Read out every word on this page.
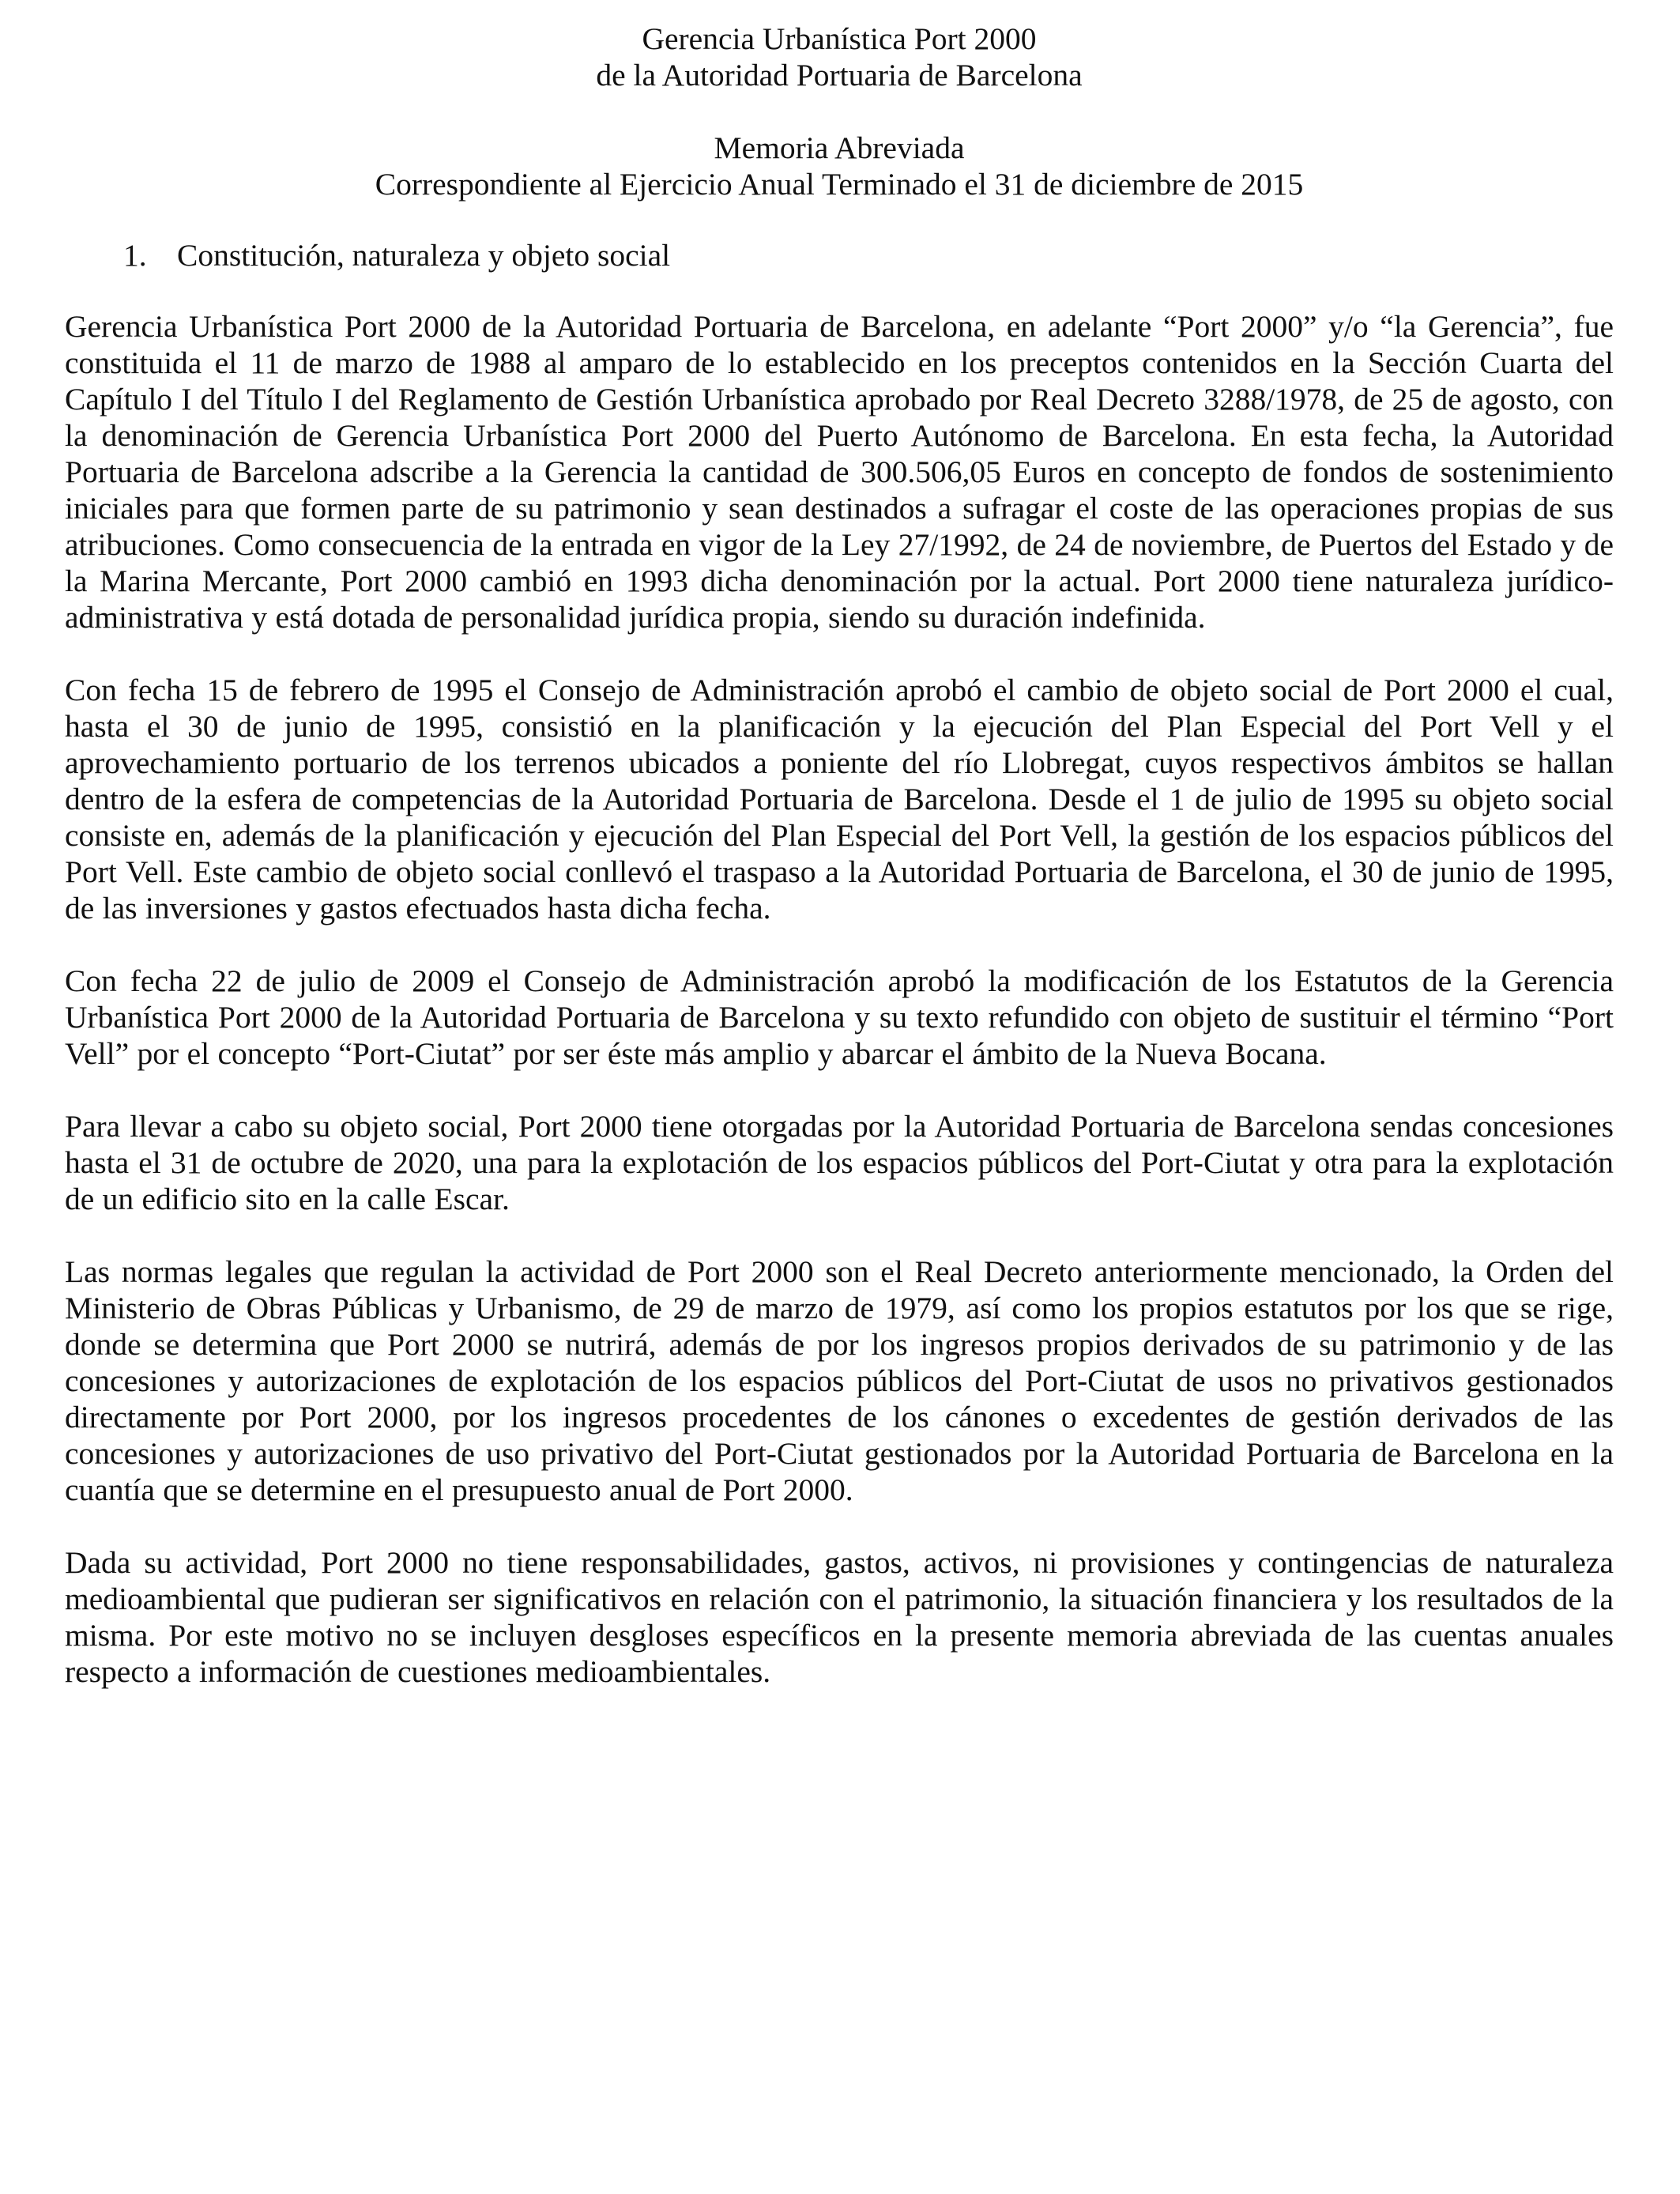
Gerencia Urbanística Port 2000

de la Autoridad Portuaria de Barcelona

Memoria Abreviada

Correspondiente al Ejercicio Anual Terminado el 31 de diciembre de 2015

1. Constitución, naturaleza y objeto social

Gerencia Urbanística Port 2000 de la Autoridad Portuaria de Barcelona, en adelante “Port 2000” y/o “la Gerencia”, fue constituida el 11 de marzo de 1988 al amparo de lo establecido en los preceptos contenidos en la Sección Cuarta del Capítulo I del Título I del Reglamento de Gestión Urbanística aprobado por Real Decreto 3288/1978, de 25 de agosto, con la denominación de Gerencia Urbanística Port 2000 del Puerto Autónomo de Barcelona. En esta fecha, la Autoridad Portuaria de Barcelona adscribe a la Gerencia la cantidad de 300.506,05 Euros en concepto de fondos de sostenimiento iniciales para que formen parte de su patrimonio y sean destinados a sufragar el coste de las operaciones propias de sus atribuciones. Como consecuencia de la entrada en vigor de la Ley 27/1992, de 24 de noviembre, de Puertos del Estado y de la Marina Mercante, Port 2000 cambió en 1993 dicha denominación por la actual. Port 2000 tiene naturaleza jurídico-administrativa y está dotada de personalidad jurídica propia, siendo su duración indefinida.

Con fecha 15 de febrero de 1995 el Consejo de Administración aprobó el cambio de objeto social de Port 2000 el cual, hasta el 30 de junio de 1995, consistió en la planificación y la ejecución del Plan Especial del Port Vell y el aprovechamiento portuario de los terrenos ubicados a poniente del río Llobregat, cuyos respectivos ámbitos se hallan dentro de la esfera de competencias de la Autoridad Portuaria de Barcelona. Desde el 1 de julio de 1995 su objeto social consiste en, además de la planificación y ejecución del Plan Especial del Port Vell, la gestión de los espacios públicos del Port Vell. Este cambio de objeto social conllevó el traspaso a la Autoridad Portuaria de Barcelona, el 30 de junio de 1995, de las inversiones y gastos efectuados hasta dicha fecha.

Con fecha 22 de julio de 2009 el Consejo de Administración aprobó la modificación de los Estatutos de la Gerencia Urbanística Port 2000 de la Autoridad Portuaria de Barcelona y su texto refundido con objeto de sustituir el término “Port Vell” por el concepto “Port-Ciutat” por ser éste más amplio y abarcar el ámbito de la Nueva Bocana.

Para llevar a cabo su objeto social, Port 2000 tiene otorgadas por la Autoridad Portuaria de Barcelona sendas concesiones hasta el 31 de octubre de 2020, una para la explotación de los espacios públicos del Port-Ciutat y otra para la explotación de un edificio sito en la calle Escar.

Las normas legales que regulan la actividad de Port 2000 son el Real Decreto anteriormente mencionado, la Orden del Ministerio de Obras Públicas y Urbanismo, de 29 de marzo de 1979, así como los propios estatutos por los que se rige, donde se determina que Port 2000 se nutrirá, además de por los ingresos propios derivados de su patrimonio y de las concesiones y autorizaciones de explotación de los espacios públicos del Port-Ciutat de usos no privativos gestionados directamente por Port 2000, por los ingresos procedentes de los cánones o excedentes de gestión derivados de las concesiones y autorizaciones de uso privativo del Port-Ciutat gestionados por la Autoridad Portuaria de Barcelona en la cuantía que se determine en el presupuesto anual de Port 2000.

Dada su actividad, Port 2000 no tiene responsabilidades, gastos, activos, ni provisiones y contingencias de naturaleza medioambiental que pudieran ser significativos en relación con el patrimonio, la situación financiera y los resultados de la misma. Por este motivo no se incluyen desgloses específicos en la presente memoria abreviada de las cuentas anuales respecto a información de cuestiones medioambientales.
